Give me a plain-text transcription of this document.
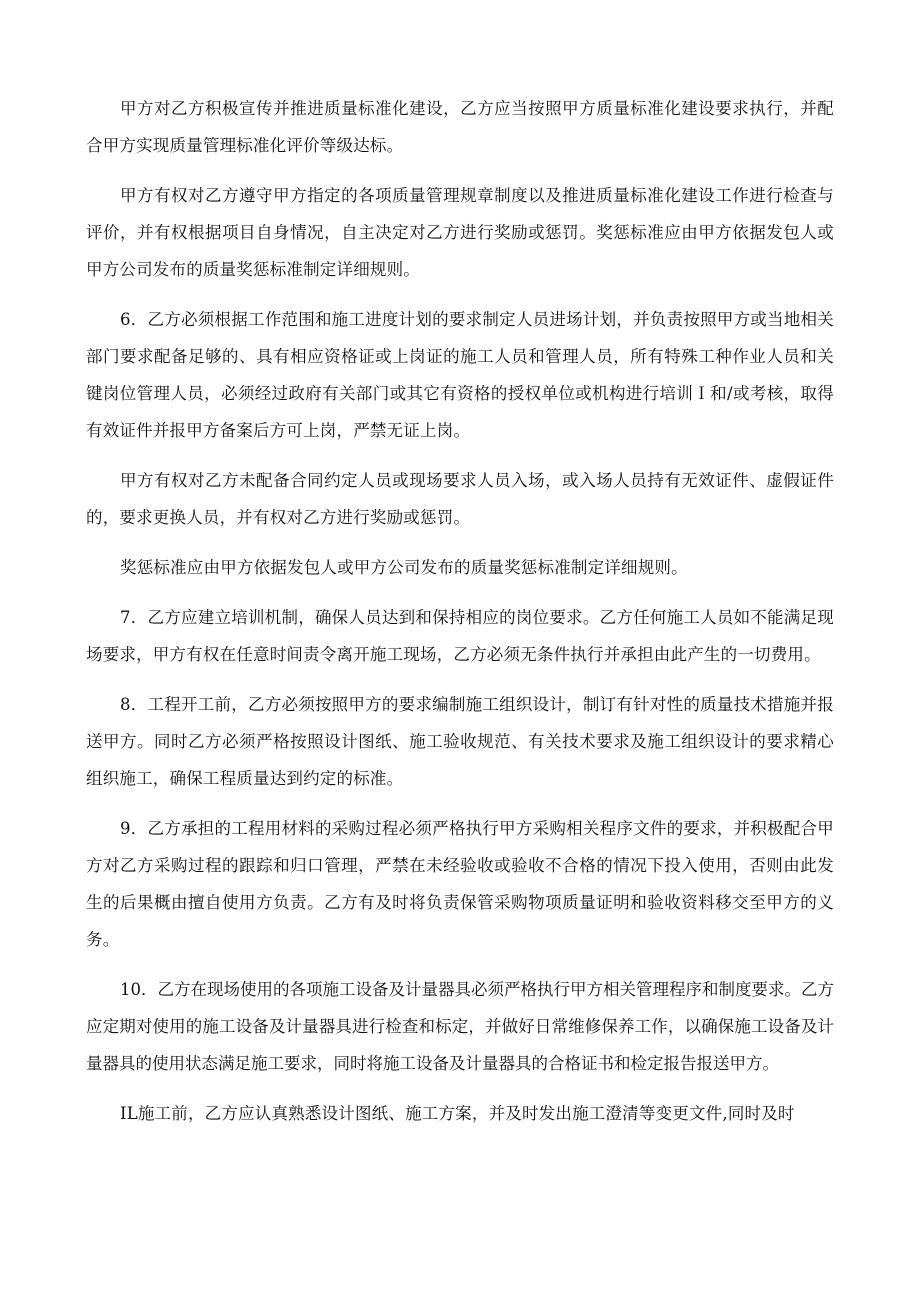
甲方对乙方积极宣传并推进质量标准化建设，乙方应当按照甲方质量标准化建设要求执行，并配合甲方实现质量管理标准化评价等级达标。

甲方有权对乙方遵守甲方指定的各项质量管理规章制度以及推进质量标准化建设工作进行检查与评价，并有权根据项目自身情况，自主决定对乙方进行奖励或惩罚。奖惩标准应由甲方依据发包人或甲方公司发布的质量奖惩标准制定详细规则。

6．乙方必须根据工作范围和施工进度计划的要求制定人员进场计划，并负责按照甲方或当地相关部门要求配备足够的、具有相应资格证或上岗证的施工人员和管理人员，所有特殊工种作业人员和关键岗位管理人员，必须经过政府有关部门或其它有资格的授权单位或机构进行培训Ｉ和/或考核，取得有效证件并报甲方备案后方可上岗，严禁无证上岗。

甲方有权对乙方未配备合同约定人员或现场要求人员入场，或入场人员持有无效证件、虚假证件的，要求更换人员，并有权对乙方进行奖励或惩罚。

奖惩标准应由甲方依据发包人或甲方公司发布的质量奖惩标准制定详细规则。

7．乙方应建立培训机制，确保人员达到和保持相应的岗位要求。乙方任何施工人员如不能满足现场要求，甲方有权在任意时间责令离开施工现场，乙方必须无条件执行并承担由此产生的一切费用。

8．工程开工前，乙方必须按照甲方的要求编制施工组织设计，制订有针对性的质量技术措施并报送甲方。同时乙方必须严格按照设计图纸、施工验收规范、有关技术要求及施工组织设计的要求精心组织施工，确保工程质量达到约定的标准。

9．乙方承担的工程用材料的采购过程必须严格执行甲方采购相关程序文件的要求，并积极配合甲方对乙方采购过程的跟踪和归口管理，严禁在未经验收或验收不合格的情况下投入使用，否则由此发生的后果概由擅自使用方负责。乙方有及时将负责保管采购物项质量证明和验收资料移交至甲方的义务。

10．乙方在现场使用的各项施工设备及计量器具必须严格执行甲方相关管理程序和制度要求。乙方应定期对使用的施工设备及计量器具进行检查和标定，并做好日常维修保养工作，以确保施工设备及计量器具的使用状态满足施工要求，同时将施工设备及计量器具的合格证书和检定报告报送甲方。

IL施工前，乙方应认真熟悉设计图纸、施工方案，并及时发出施工澄清等变更文件,同时及时
